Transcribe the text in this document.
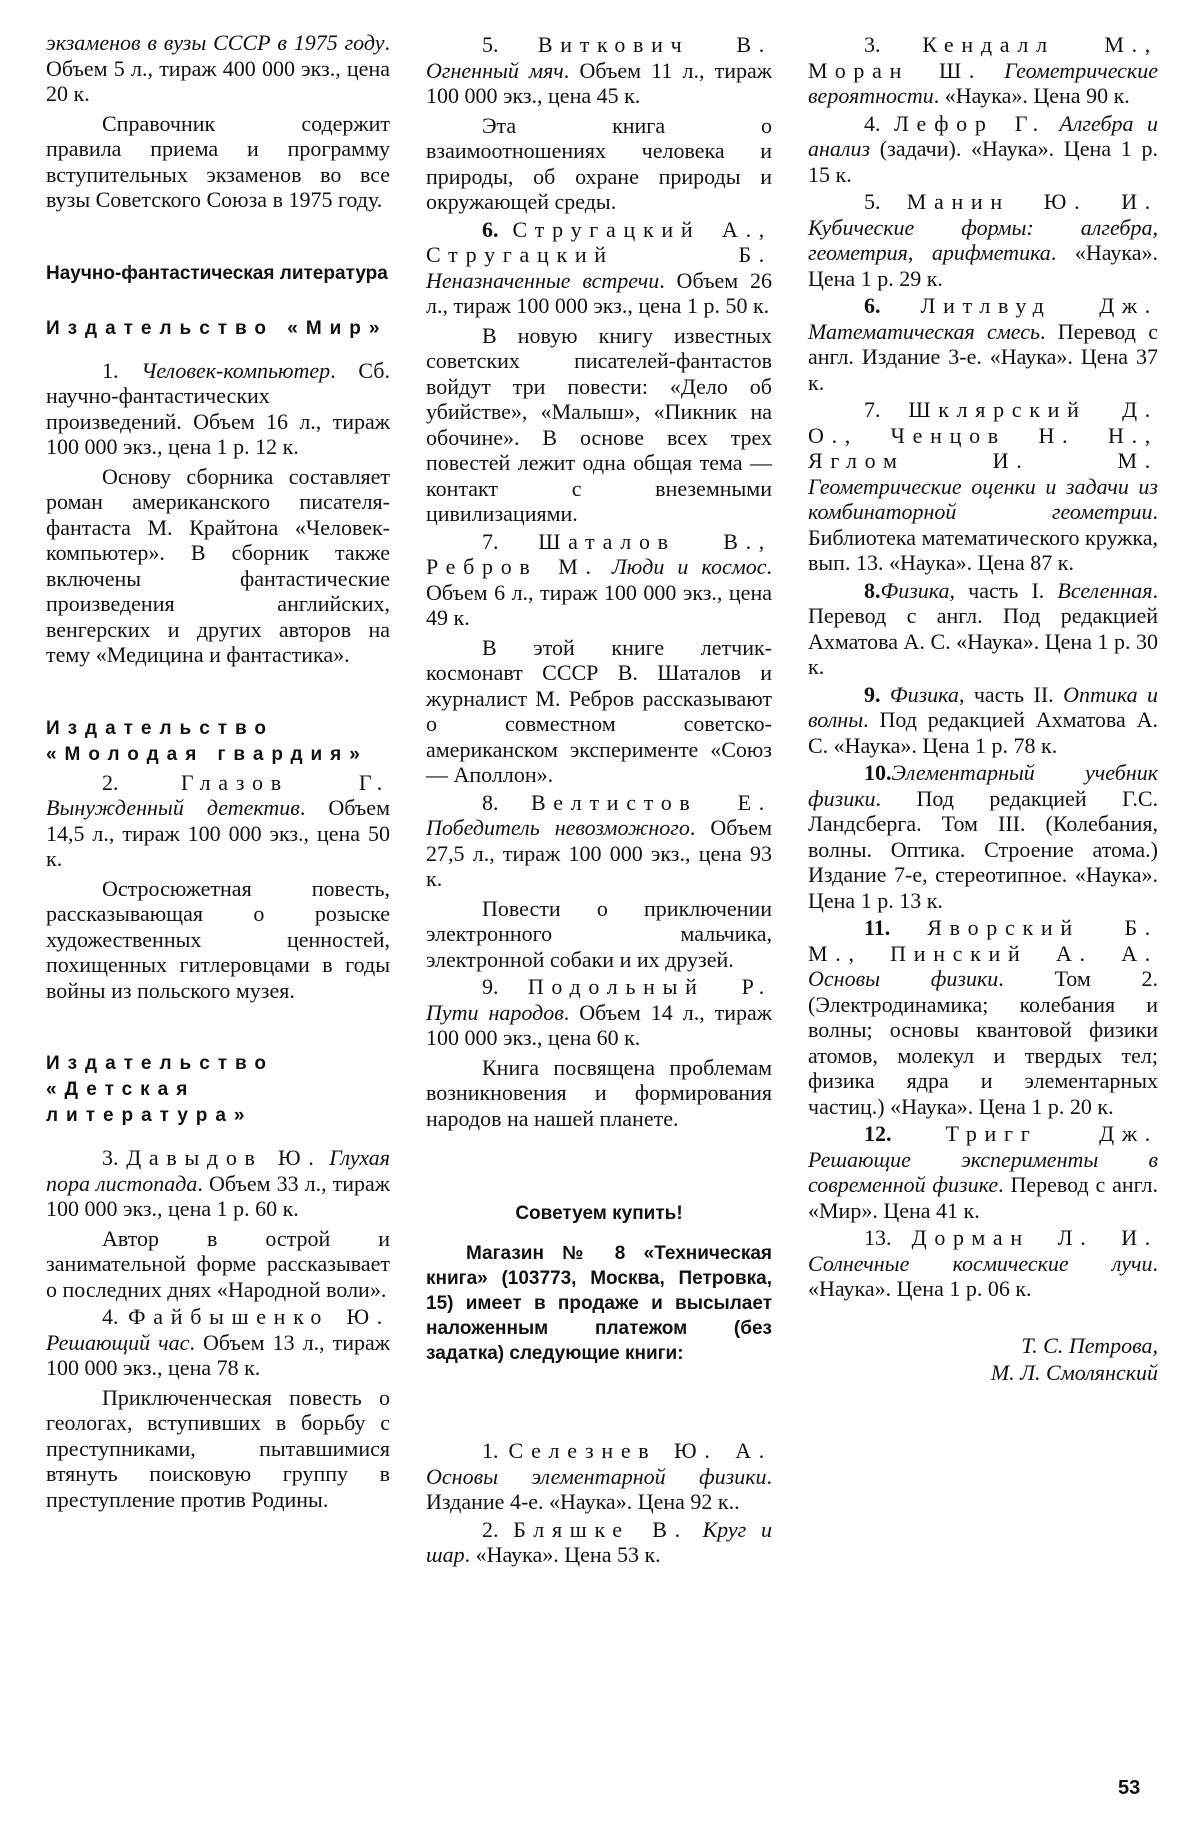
экзаменов в вузы СССР в 1975 году. Объем 5 л., тираж 400 000 экз., цена 20 к.

Справочник содержит правила приема и программу вступительных экзаменов во все вузы Советского Союза в 1975 году.

Научно-фантастическая литература

Издательство «Мир»

1. Человек-компьютер. Сб. научно-фантастических произведений. Объем 16 л., тираж 100 000 экз., цена 1 р. 12 к.

Основу сборника составляет роман американского писателя-фантаста М. Крайтона «Человек-компьютер». В сборник также включены фантастические произведения английских, венгерских и других авторов на тему «Медицина и фантастика».

Издательство «Молодая гвардия»

2.	Глазов Г. Вынужденный детектив. Объем 14,5 л., тираж 100 000 экз., цена 50 к.

Остросюжетная повесть, рассказывающая о розыске художественных ценностей, похищенных гитлеровцами в годы войны из польского музея.

Издательство «Детская литература»

3. Давыдов Ю. Глухая пора листопада. Объем 33 л., тираж 100 000 экз., цена 1 р. 60 к.

Автор в острой и занимательной форме рассказывает о последних днях «Народной воли».

4. Файбышенко Ю. Решающий час. Объем 13 л., тираж 100 000 экз., цена 78 к.

Приключенческая повесть о геологах, вступивших в борьбу с преступниками, пытавшимися втянуть поисковую группу в преступление против Родины.

5. Виткович В. Огненный мяч. Объем 11 л., тираж 100 000 экз., цена 45 к.

Эта книга о взаимоотношениях человека и природы, об охране природы и окружающей среды.

6. Стругацкий А., Стругацкий Б. Неназначенные встречи. Объем 26 л., тираж 100 000 экз., цена 1 р. 50 к.

В новую книгу известных советских писателей-фантастов войдут три повести: «Дело об убийстве», «Малыш», «Пикник на обочине». В основе всех трех повестей лежит одна общая тема — контакт с внеземными цивилизациями.

7. Шаталов В., Ребров М. Люди и космос. Объем 6 л., тираж 100 000 экз., цена 49 к.

В этой книге летчик-космонавт СССР В. Шаталов и журналист М. Ребров рассказывают о совместном советско-американском эксперименте «Союз — Аполлон».

8. Велтистов Е. Победитель невозможного. Объем 27,5 л., тираж 100 000 экз., цена 93 к.

Повести о приключении электронного мальчика, электронной собаки и их друзей.

9. Подольный Р. Пути народов. Объем 14 л., тираж 100 000 экз., цена 60 к.

Книга посвящена проблемам возникновения и формирования народов на нашей планете.

Советуем купить!

Магазин № 8 «Техническая книга» (103773, Москва, Петровка, 15) имеет в продаже и высылает наложенным платежом (без задатка) следующие книги:

1. Селезнев Ю. А. Основы элементарной физики. Издание 4-е. «Наука». Цена 92 к..

2. Бляшке В. Круг и шар. «Наука». Цена 53 к.

3. Кендалл М., Моран Ш. Геометрические вероятности. «Наука». Цена 90 к.

4. Лефор Г. Алгебра и анализ (задачи). «Наука». Цена 1 р. 15 к.

5. Манин Ю. И. Кубические формы: алгебра, геометрия, арифметика. «Наука». Цена 1 р. 29 к.

6. Литлвуд Дж. Математическая смесь. Перевод с англ. Издание 3-е. «Наука». Цена 37 к.

7. Шклярский Д. О., Ченцов Н. Н., Яглом И. М. Геометрические оценки и задачи из комбинаторной геометрии. Библиотека математического кружка, вып. 13. «Наука». Цена 87 к.

8.Физика, часть I. Вселенная. Перевод с англ. Под редакцией Ахматова А. С. «Наука». Цена 1 р. 30 к.

9. Физика, часть II. Оптика и волны. Под редакцией Ахматова А. С. «Наука». Цена 1 р. 78 к.

10.Элементарный учебник физики. Под редакцией Г.С. Ландсберга. Том III. (Колебания, волны. Оптика. Строение атома.) Издание 7-е, стереотипное. «Наука». Цена 1 р. 13 к.

11. Яворский Б. М., Пинский А. А. Основы физики. Том 2. (Электродинамика; колебания и волны; основы квантовой физики атомов, молекул и твердых тел; физика ядра и элементарных частиц.) «Наука». Цена 1 р. 20 к.

12. Тригг Дж. Решающие эксперименты в современной физике. Перевод с англ. «Мир». Цена 41 к.

13. Дорман Л. И. Солнечные космические лучи. «Наука». Цена 1 р. 06 к.

Т. С. Петрова,
М. Л. Смолянский
53
